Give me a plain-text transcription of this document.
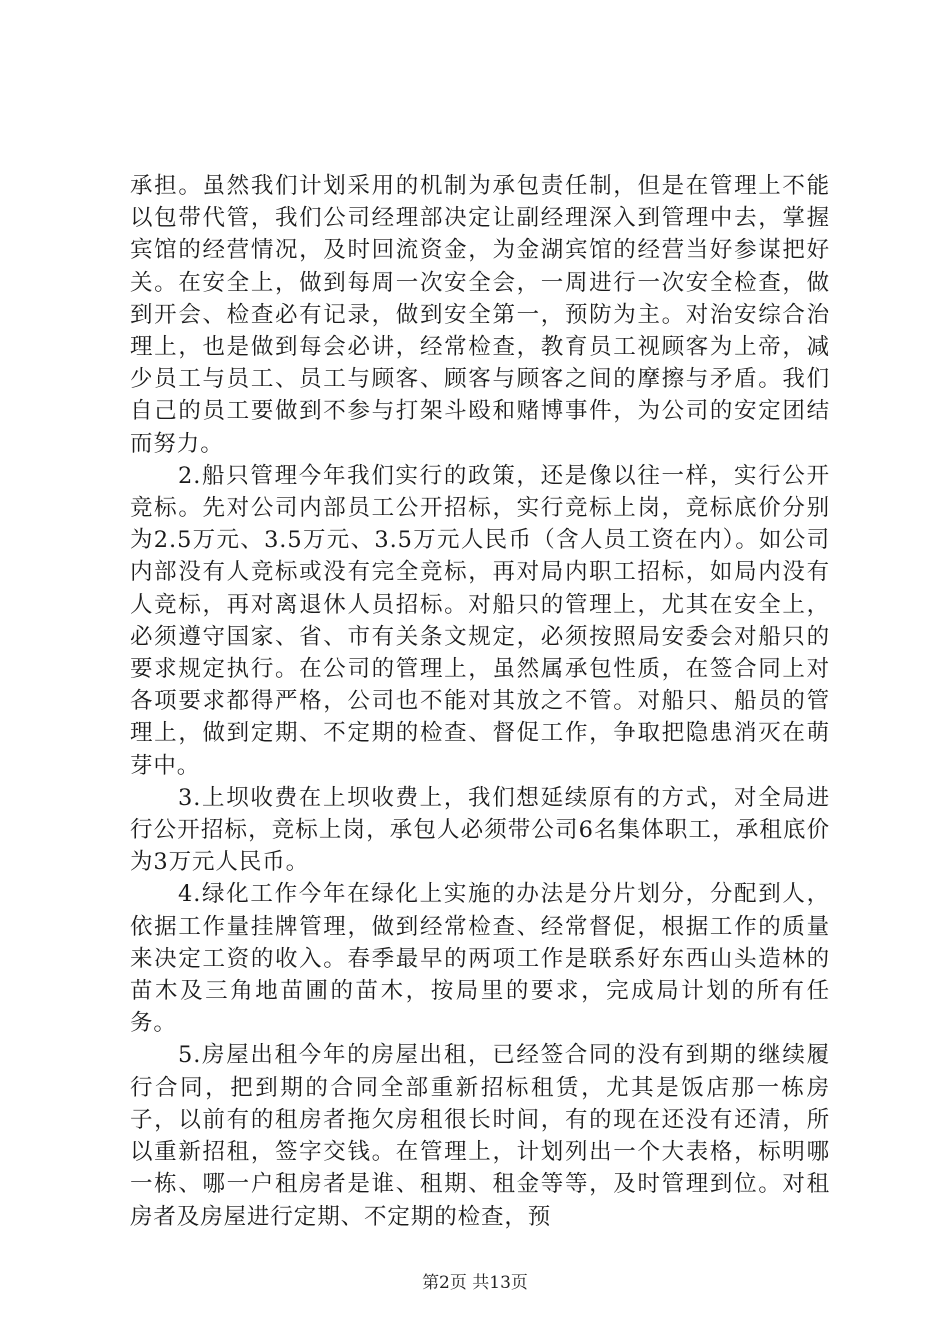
承担。虽然我们计划采用的机制为承包责任制，但是在管理上不能以包带代管，我们公司经理部决定让副经理深入到管理中去，掌握宾馆的经营情况，及时回流资金，为金湖宾馆的经营当好参谋把好关。在安全上，做到每周一次安全会，一周进行一次安全检查，做到开会、检查必有记录，做到安全第一，预防为主。对治安综合治理上，也是做到每会必讲，经常检查，教育员工视顾客为上帝，减少员工与员工、员工与顾客、顾客与顾客之间的摩擦与矛盾。我们自己的员工要做到不参与打架斗殴和赌博事件，为公司的安定团结而努力。

2.船只管理今年我们实行的政策，还是像以往一样，实行公开竞标。先对公司内部员工公开招标，实行竞标上岗，竞标底价分别为2.5万元、3.5万元、3.5万元人民币（含人员工资在内）。如公司内部没有人竞标或没有完全竞标，再对局内职工招标，如局内没有人竞标，再对离退休人员招标。对船只的管理上，尤其在安全上，必须遵守国家、省、市有关条文规定，必须按照局安委会对船只的要求规定执行。在公司的管理上，虽然属承包性质，在签合同上对各项要求都得严格，公司也不能对其放之不管。对船只、船员的管理上，做到定期、不定期的检查、督促工作，争取把隐患消灭在萌芽中。

3.上坝收费在上坝收费上，我们想延续原有的方式，对全局进行公开招标，竞标上岗，承包人必须带公司6名集体职工，承租底价为3万元人民币。

4.绿化工作今年在绿化上实施的办法是分片划分，分配到人，依据工作量挂牌管理，做到经常检查、经常督促，根据工作的质量来决定工资的收入。春季最早的两项工作是联系好东西山头造林的苗木及三角地苗圃的苗木，按局里的要求，完成局计划的所有任务。

5.房屋出租今年的房屋出租，已经签合同的没有到期的继续履行合同，把到期的合同全部重新招标租赁，尤其是饭店那一栋房子，以前有的租房者拖欠房租很长时间，有的现在还没有还清，所以重新招租，签字交钱。在管理上，计划列出一个大表格，标明哪一栋、哪一户租房者是谁、租期、租金等等，及时管理到位。对租房者及房屋进行定期、不定期的检查，预

第2页 共13页
